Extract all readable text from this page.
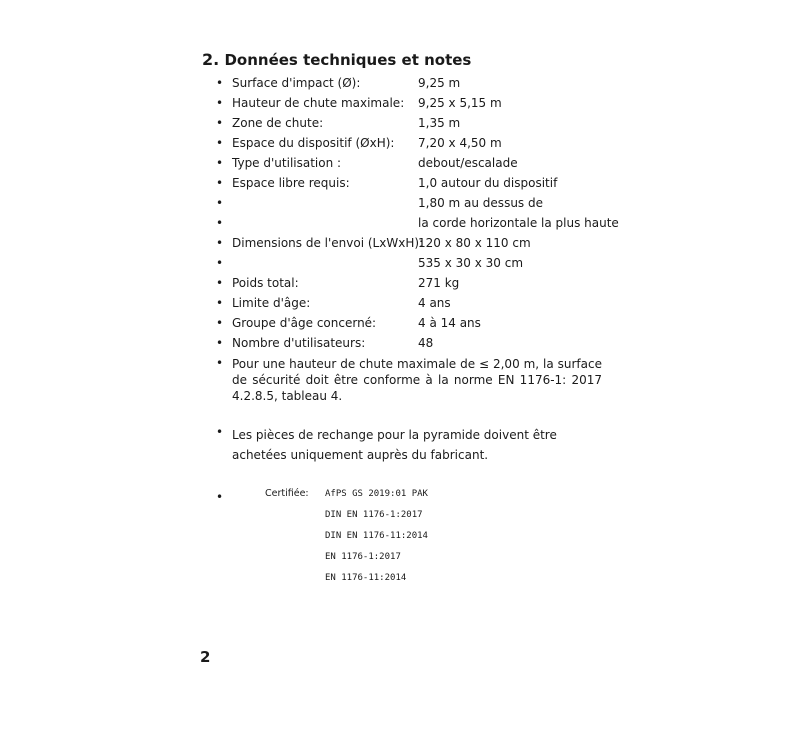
2. Données techniques et notes
• Surface d'impact (Ø):	9,25 m
• Hauteur de chute maximale: 9,25 x 5,15 m
• Zone de chute:	1,35 m
• Espace du dispositif (ØxH): 7,20 x 4,50 m
• Type d'utilisation :	debout/escalade
• Espace libre requis:	1,0 autour du dispositif
•	1,80 m au dessus de
•	la corde horizontale la plus haute
• Dimensions de l'envoi (LxWxH):
120 x 80 x 110 cm
•	535 x 30 x 30 cm
• Poids total:	271 kg
• Limite d'âge:	4 ans
• Groupe d'âge concerné:	4 à 14 ans
• Nombre d'utilisateurs:	48
• Pour une hauteur de chute maximale de ≤ 2,00 m, la surface de sécurité doit être conforme à la norme EN 1176-1: 2017 4.2.8.5, tableau 4.
• Les pièces de rechange pour la pyramide doivent être achetées uniquement auprès du fabricant.
•	Certifiée: AfPS GS 2019:01 PAK
DIN EN 1176-1:2017
DIN EN 1176-11:2014
EN 1176-1:2017
EN 1176-11:2014
2
